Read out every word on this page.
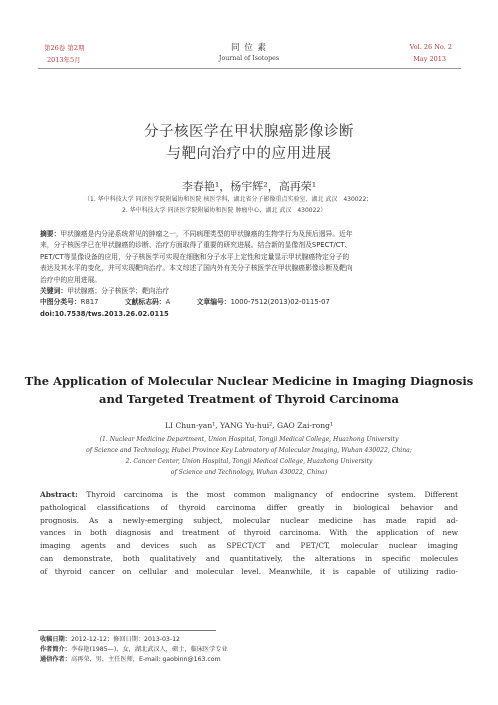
第26卷 第2期
2013年5月
同 位 素
Journal of Isotopes
Vol. 26 No. 2
May 2013
分子核医学在甲状腺癌影像诊断
与靶向治疗中的应用进展
李春艳¹，杨宇辉²，高再荣¹
（1. 华中科技大学 同济医学院附属协和医院 核医学科，湖北省分子影像重点实验室，湖北 武汉　430022；
2. 华中科技大学 同济医学院附属协和医院 肿瘤中心，湖北 武汉　430022）
摘要：甲状腺癌是内分泌系统常见的肿瘤之一，不同病理类型的甲状腺癌的生物学行为及预后迥异。近年
来，分子核医学已在甲状腺癌的诊断、治疗方面取得了重要的研究进展。结合新的显像剂及SPECT/CT、
PET/CT等显像设备的应用，分子核医学可实现在细胞和分子水平上定性和定量显示甲状腺癌特定分子的
表达及其水平的变化，并可实现靶向治疗。本文综述了国内外有关分子核医学在甲状腺癌影像诊断及靶向
治疗中的应用进展。
关键词：甲状腺癌；分子核医学；靶向治疗
中图分类号：R817	文献标志码：A	文章编号：1000-7512(2013)02-0115-07
doi:10.7538/tws.2013.26.02.0115
The Application of Molecular Nuclear Medicine in Imaging Diagnosis
and Targeted Treatment of Thyroid Carcinoma
LI Chun-yan¹, YANG Yu-hui², GAO Zai-rong¹
(1. Nuclear Medicine Department, Union Hospital, Tongji Medical College, Huazhong University
of Science and Technology, Hubei Province Key Labroatory of Molecular Imaging, Wuhan 430022, China;
2. Cancer Center, Union Hospital, Tongji Medical College, Huazhong University
of Science and Technology, Wuhan 430022, China)
Abstract: Thyroid carcinoma is the most common malignancy of endocrine system. Different
pathological classifications of thyroid carcinoma differ greatly in biological behavior and
prognosis. As a newly-emerging subject, molecular nuclear medicine has made rapid ad-
vances in both diagnosis and treatment of thyroid carcinoma. With the application of new
imaging agents and devices such as SPECT/CT and PET/CT, molecular nuclear imaging
can demonstrate, both qualitatively and quantitatively, the alterations in specific molecules
of thyroid cancer on cellular and molecular level. Meanwhile, it is capable of utilizing radio-
收稿日期：2012-12-12；修回日期：2013-03-12
作者简介：李春艳(1985—)，女，湖北武汉人，硕士，临床医学专业
通信作者：高再荣，男，主任医师，E-mail: gaobinn@163.com
